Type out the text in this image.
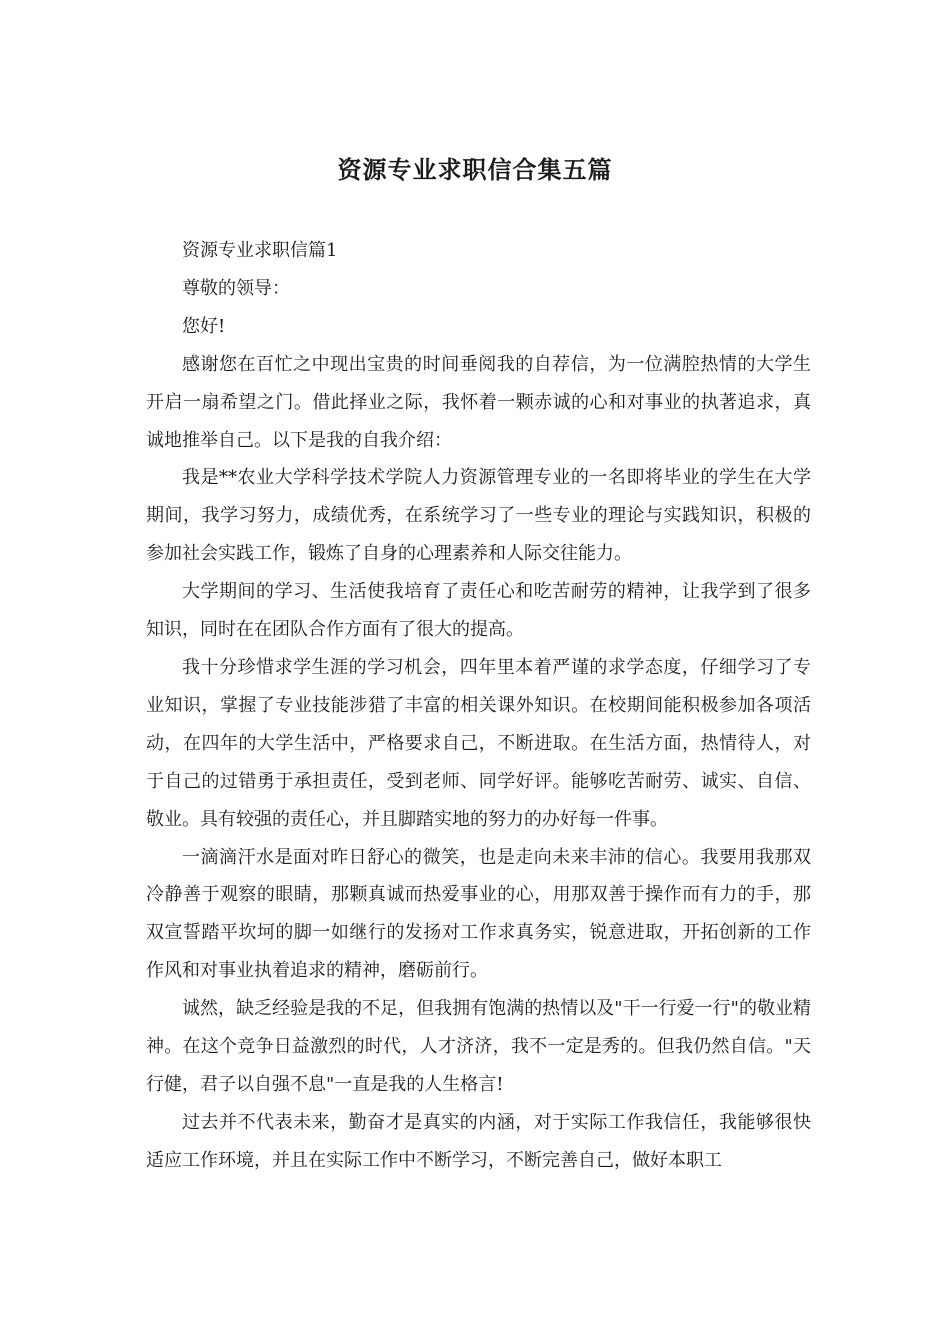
资源专业求职信合集五篇

资源专业求职信篇1

尊敬的领导：

您好!

感谢您在百忙之中现出宝贵的时间垂阅我的自荐信，为一位满腔热情的大学生开启一扇希望之门。借此择业之际，我怀着一颗赤诚的心和对事业的执著追求，真诚地推举自己。以下是我的自我介绍：

我是**农业大学科学技术学院人力资源管理专业的一名即将毕业的学生在大学期间，我学习努力，成绩优秀，在系统学习了一些专业的理论与实践知识，积极的参加社会实践工作，锻炼了自身的心理素养和人际交往能力。

大学期间的学习、生活使我培育了责任心和吃苦耐劳的精神，让我学到了很多知识，同时在在团队合作方面有了很大的提高。

我十分珍惜求学生涯的学习机会，四年里本着严谨的求学态度，仔细学习了专业知识，掌握了专业技能涉猎了丰富的相关课外知识。在校期间能积极参加各项活动，在四年的大学生活中，严格要求自己，不断进取。在生活方面，热情待人，对于自己的过错勇于承担责任，受到老师、同学好评。能够吃苦耐劳、诚实、自信、敬业。具有较强的责任心，并且脚踏实地的努力的办好每一件事。

一滴滴汗水是面对昨日舒心的微笑，也是走向未来丰沛的信心。我要用我那双冷静善于观察的眼睛，那颗真诚而热爱事业的心，用那双善于操作而有力的手，那双宣誓踏平坎坷的脚一如继行的发扬对工作求真务实，锐意进取，开拓创新的工作作风和对事业执着追求的精神，磨砺前行。

诚然，缺乏经验是我的不足，但我拥有饱满的热情以及"干一行爱一行"的敬业精神。在这个竞争日益激烈的时代，人才济济，我不一定是秀的。但我仍然自信。"天行健，君子以自强不息"一直是我的人生格言!

过去并不代表未来，勤奋才是真实的内涵，对于实际工作我信任，我能够很快适应工作环境，并且在实际工作中不断学习，不断完善自己，做好本职工
